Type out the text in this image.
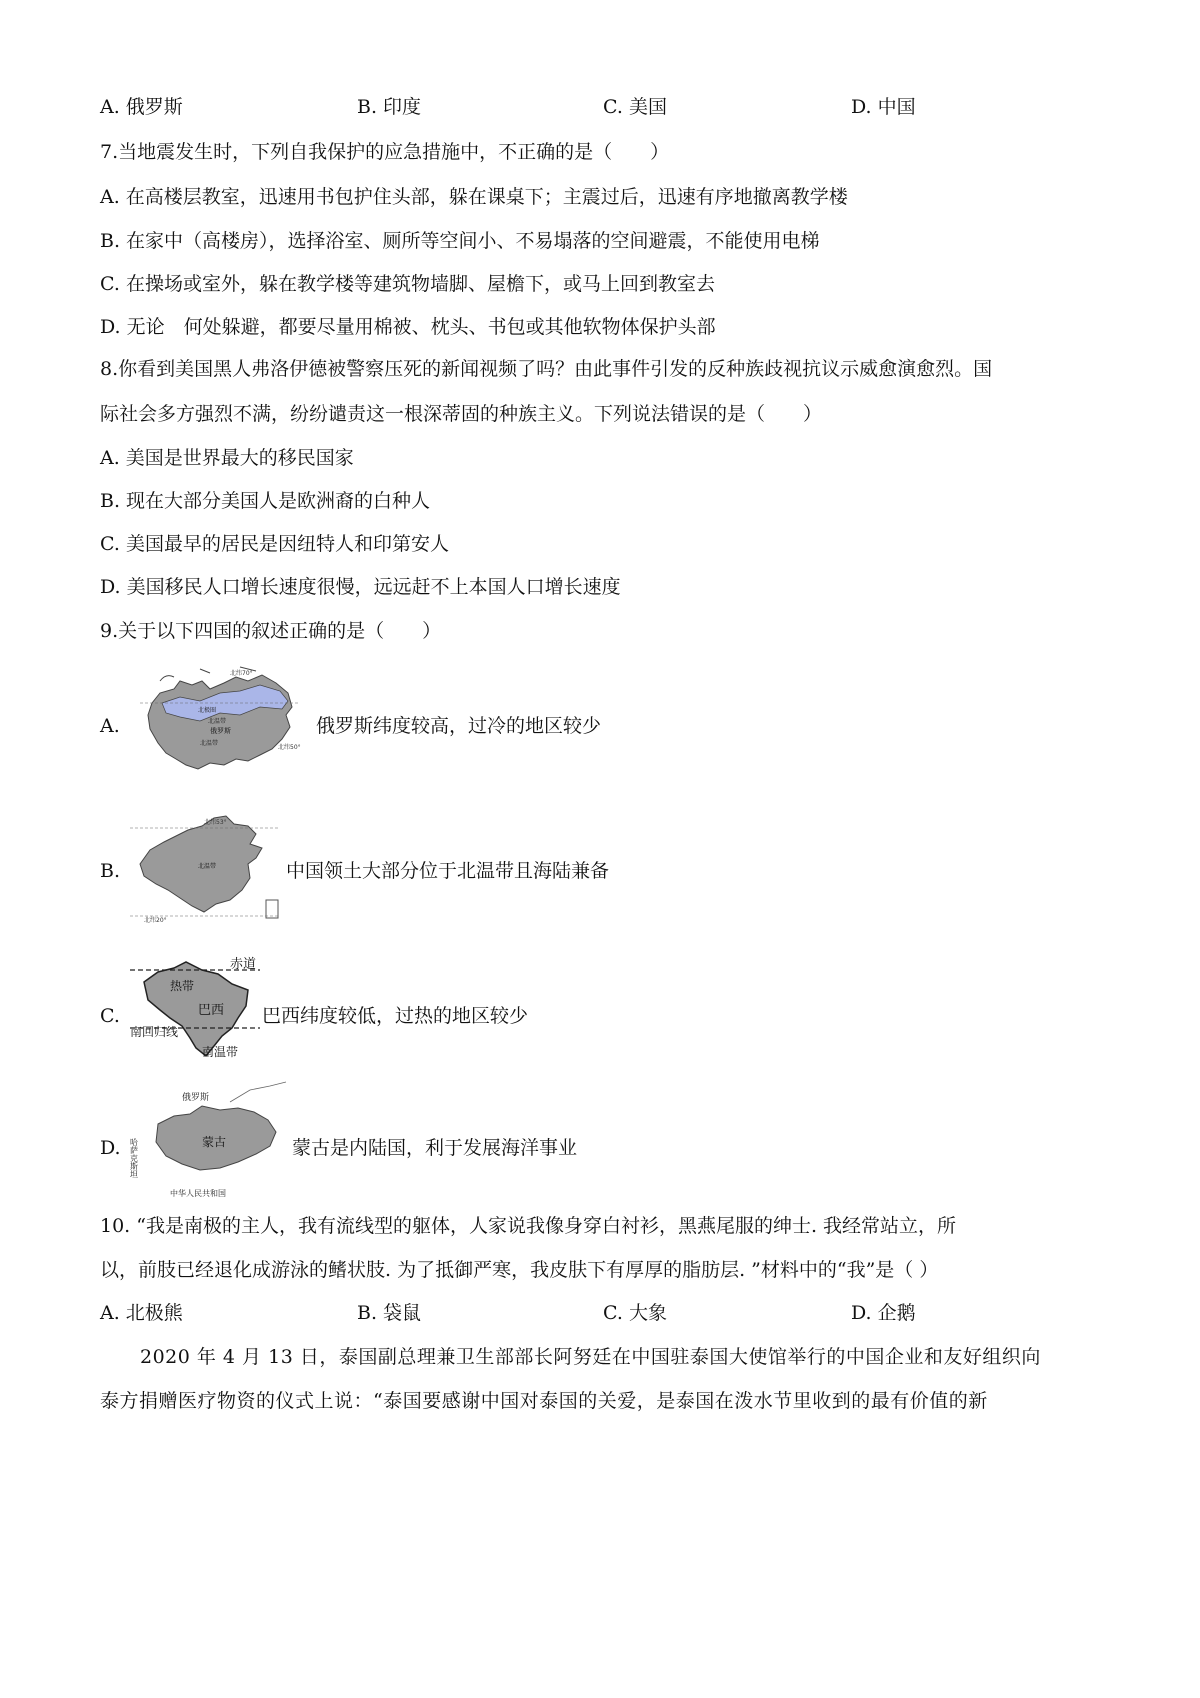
A. 俄罗斯	B. 印度	C. 美国	D. 中国
7.当地震发生时，下列自我保护的应急措施中，不正确的是（　　）
A. 在高楼层教室，迅速用书包护住头部，躲在课桌下；主震过后，迅速有序地撤离教学楼
B. 在家中（高楼房），选择浴室、厕所等空间小、不易塌落的空间避震，不能使用电梯
C. 在操场或室外，躲在教学楼等建筑物墙脚、屋檐下，或马上回到教室去
D. 无论　何处躲避，都要尽量用棉被、枕头、书包或其他软物体保护头部
8.你看到美国黑人弗洛伊德被警察压死的新闻视频了吗？由此事件引发的反种族歧视抗议示威愈演愈烈。国
际社会多方强烈不满，纷纷谴责这一根深蒂固的种族主义。下列说法错误的是（　　）
A. 美国是世界最大的移民国家
B. 现在大部分美国人是欧洲裔的白种人
C. 美国最早的居民是因纽特人和印第安人
D. 美国移民人口增长速度很慢，远远赶不上本国人口增长速度
9.关于以下四国的叙述正确的是（　　）
A.
北纬70°
北极圈
北温带
俄罗斯
北温带
北纬50°
俄罗斯纬度较高，过冷的地区较少
B.
北纬53°
北温带
北纬20°
中国领土大部分位于北温带且海陆兼备
C.
赤道
热带
巴西
南回归线
南温带
巴西纬度较低，过热的地区较少
D.
俄罗斯
哈萨克斯坦	蒙古
中华人民共和国
蒙古是内陆国，利于发展海洋事业
10. “我是南极的主人，我有流线型的躯体，人家说我像身穿白衬衫，黑燕尾服的绅士. 我经常站立，所
以，前肢已经退化成游泳的鳍状肢. 为了抵御严寒，我皮肤下有厚厚的脂肪层. ”材料中的“我”是（ ）
A. 北极熊	B. 袋鼠	C. 大象	D. 企鹅
2020 年 4 月 13 日，泰国副总理兼卫生部部长阿努廷在中国驻泰国大使馆举行的中国企业和友好组织向
泰方捐赠医疗物资的仪式上说：“泰国要感谢中国对泰国的关爱，是泰国在泼水节里收到的最有价值的新
